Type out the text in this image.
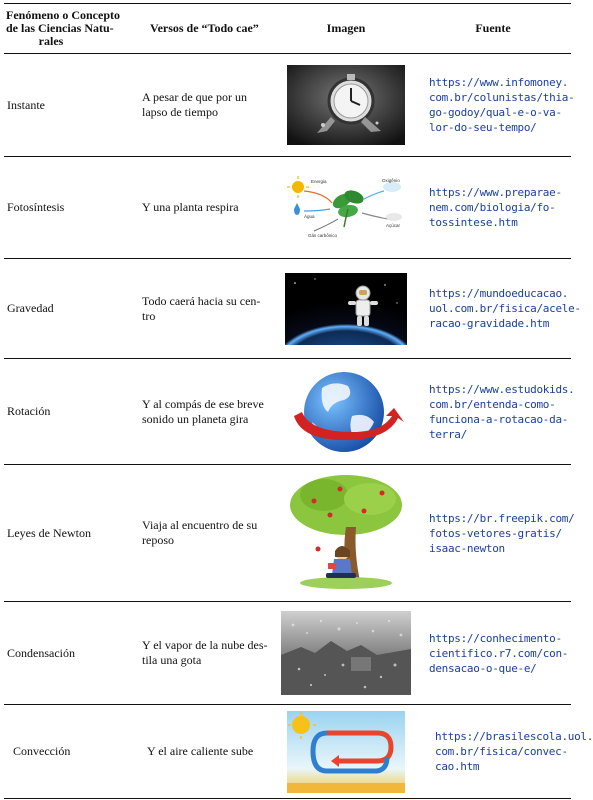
Fenómeno o Concepto
de las Ciencias Natu-

rales	Versos de “Todo cae”	Imagen	Fuente
Instante	A pesar de que por un
lapso de tiempo		https://www.infomoney.
com.br/colunistas/thia-
go-godoy/qual-e-o-va-
lor-do-seu-tempo/

Fotosíntesis	Y una planta respira	Energia Oxigênio
Água
Gás carbônico
Açúcar	https://www.preparae-
nem.com/biologia/fo-
tossintese.htm

Gravedad	Todo caerá hacia su cen-
tro		https://mundoeducacao.
uol.com.br/fisica/acele-
racao-gravidade.htm

Rotación	Y al compás de ese breve
sonido un planeta gira		https://www.estudokids.
com.br/entenda-como-
funciona-a-rotacao-da-
terra/

Leyes de Newton	Viaja al encuentro de su
reposo		https://br.freepik.com/
fotos-vetores-gratis/
isaac-newton

Condensación	Y el vapor de la nube des-
tila una gota		https://conhecimento-
cientifico.r7.com/con-
densacao-o-que-e/

Convección	Y el aire caliente sube		https://brasilescola.uol.
com.br/fisica/convec-
cao.htm
